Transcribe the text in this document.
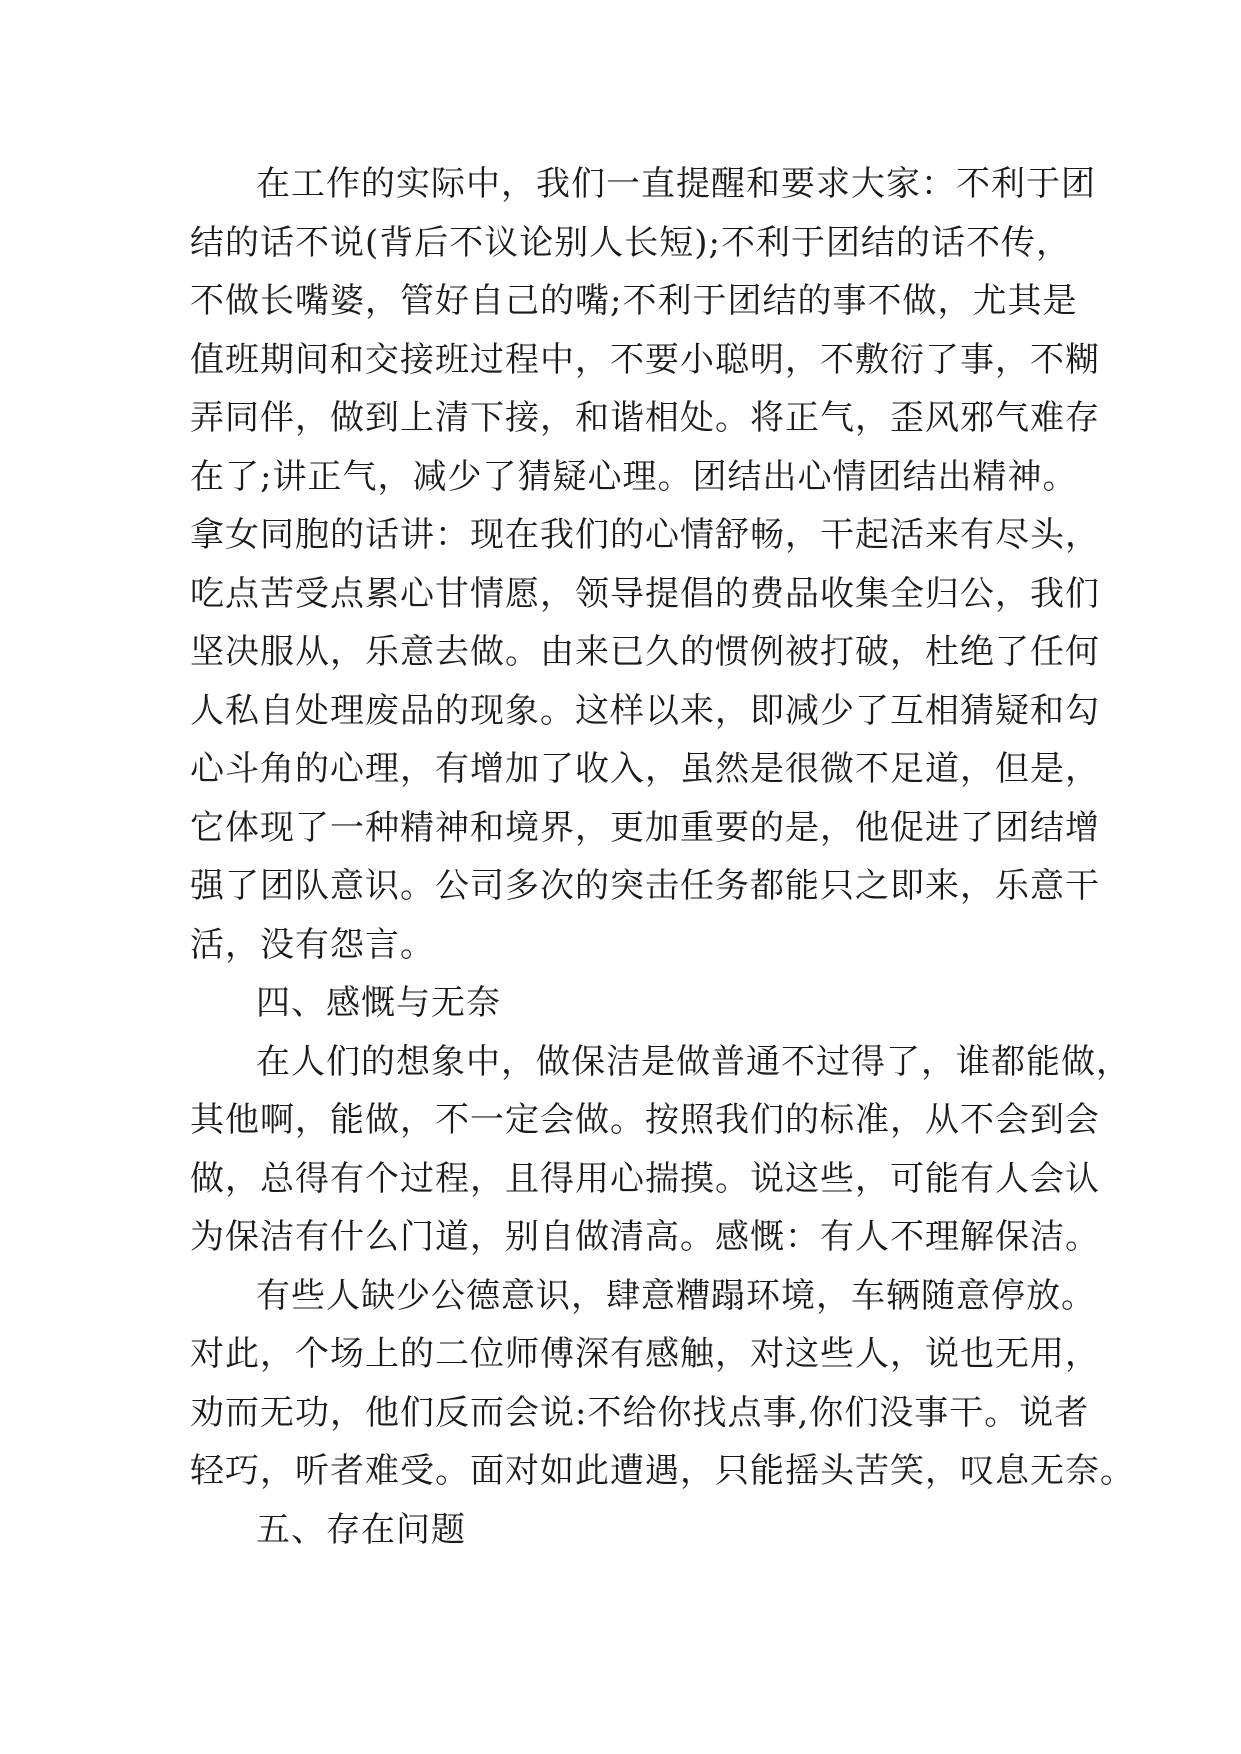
在工作的实际中，我们一直提醒和要求大家：不利于团
结的话不说(背后不议论别人长短);不利于团结的话不传，
不做长嘴婆，管好自己的嘴;不利于团结的事不做，尤其是
值班期间和交接班过程中，不要小聪明，不敷衍了事，不糊
弄同伴，做到上清下接，和谐相处。将正气，歪风邪气难存
在了;讲正气，减少了猜疑心理。团结出心情团结出精神。
拿女同胞的话讲：现在我们的心情舒畅，干起活来有尽头，
吃点苦受点累心甘情愿，领导提倡的费品收集全归公，我们
坚决服从，乐意去做。由来已久的惯例被打破，杜绝了任何
人私自处理废品的现象。这样以来，即减少了互相猜疑和勾
心斗角的心理，有增加了收入，虽然是很微不足道，但是，
它体现了一种精神和境界，更加重要的是，他促进了团结增
强了团队意识。公司多次的突击任务都能只之即来，乐意干
活，没有怨言。
四、感慨与无奈
在人们的想象中，做保洁是做普通不过得了，谁都能做，
其他啊，能做，不一定会做。按照我们的标准，从不会到会
做，总得有个过程，且得用心揣摸。说这些，可能有人会认
为保洁有什么门道，别自做清高。感慨：有人不理解保洁。
有些人缺少公德意识，肆意糟蹋环境，车辆随意停放。
对此，个场上的二位师傅深有感触，对这些人，说也无用，
劝而无功，他们反而会说:不给你找点事,你们没事干。说者
轻巧，听者难受。面对如此遭遇，只能摇头苦笑，叹息无奈。
五、存在问题
